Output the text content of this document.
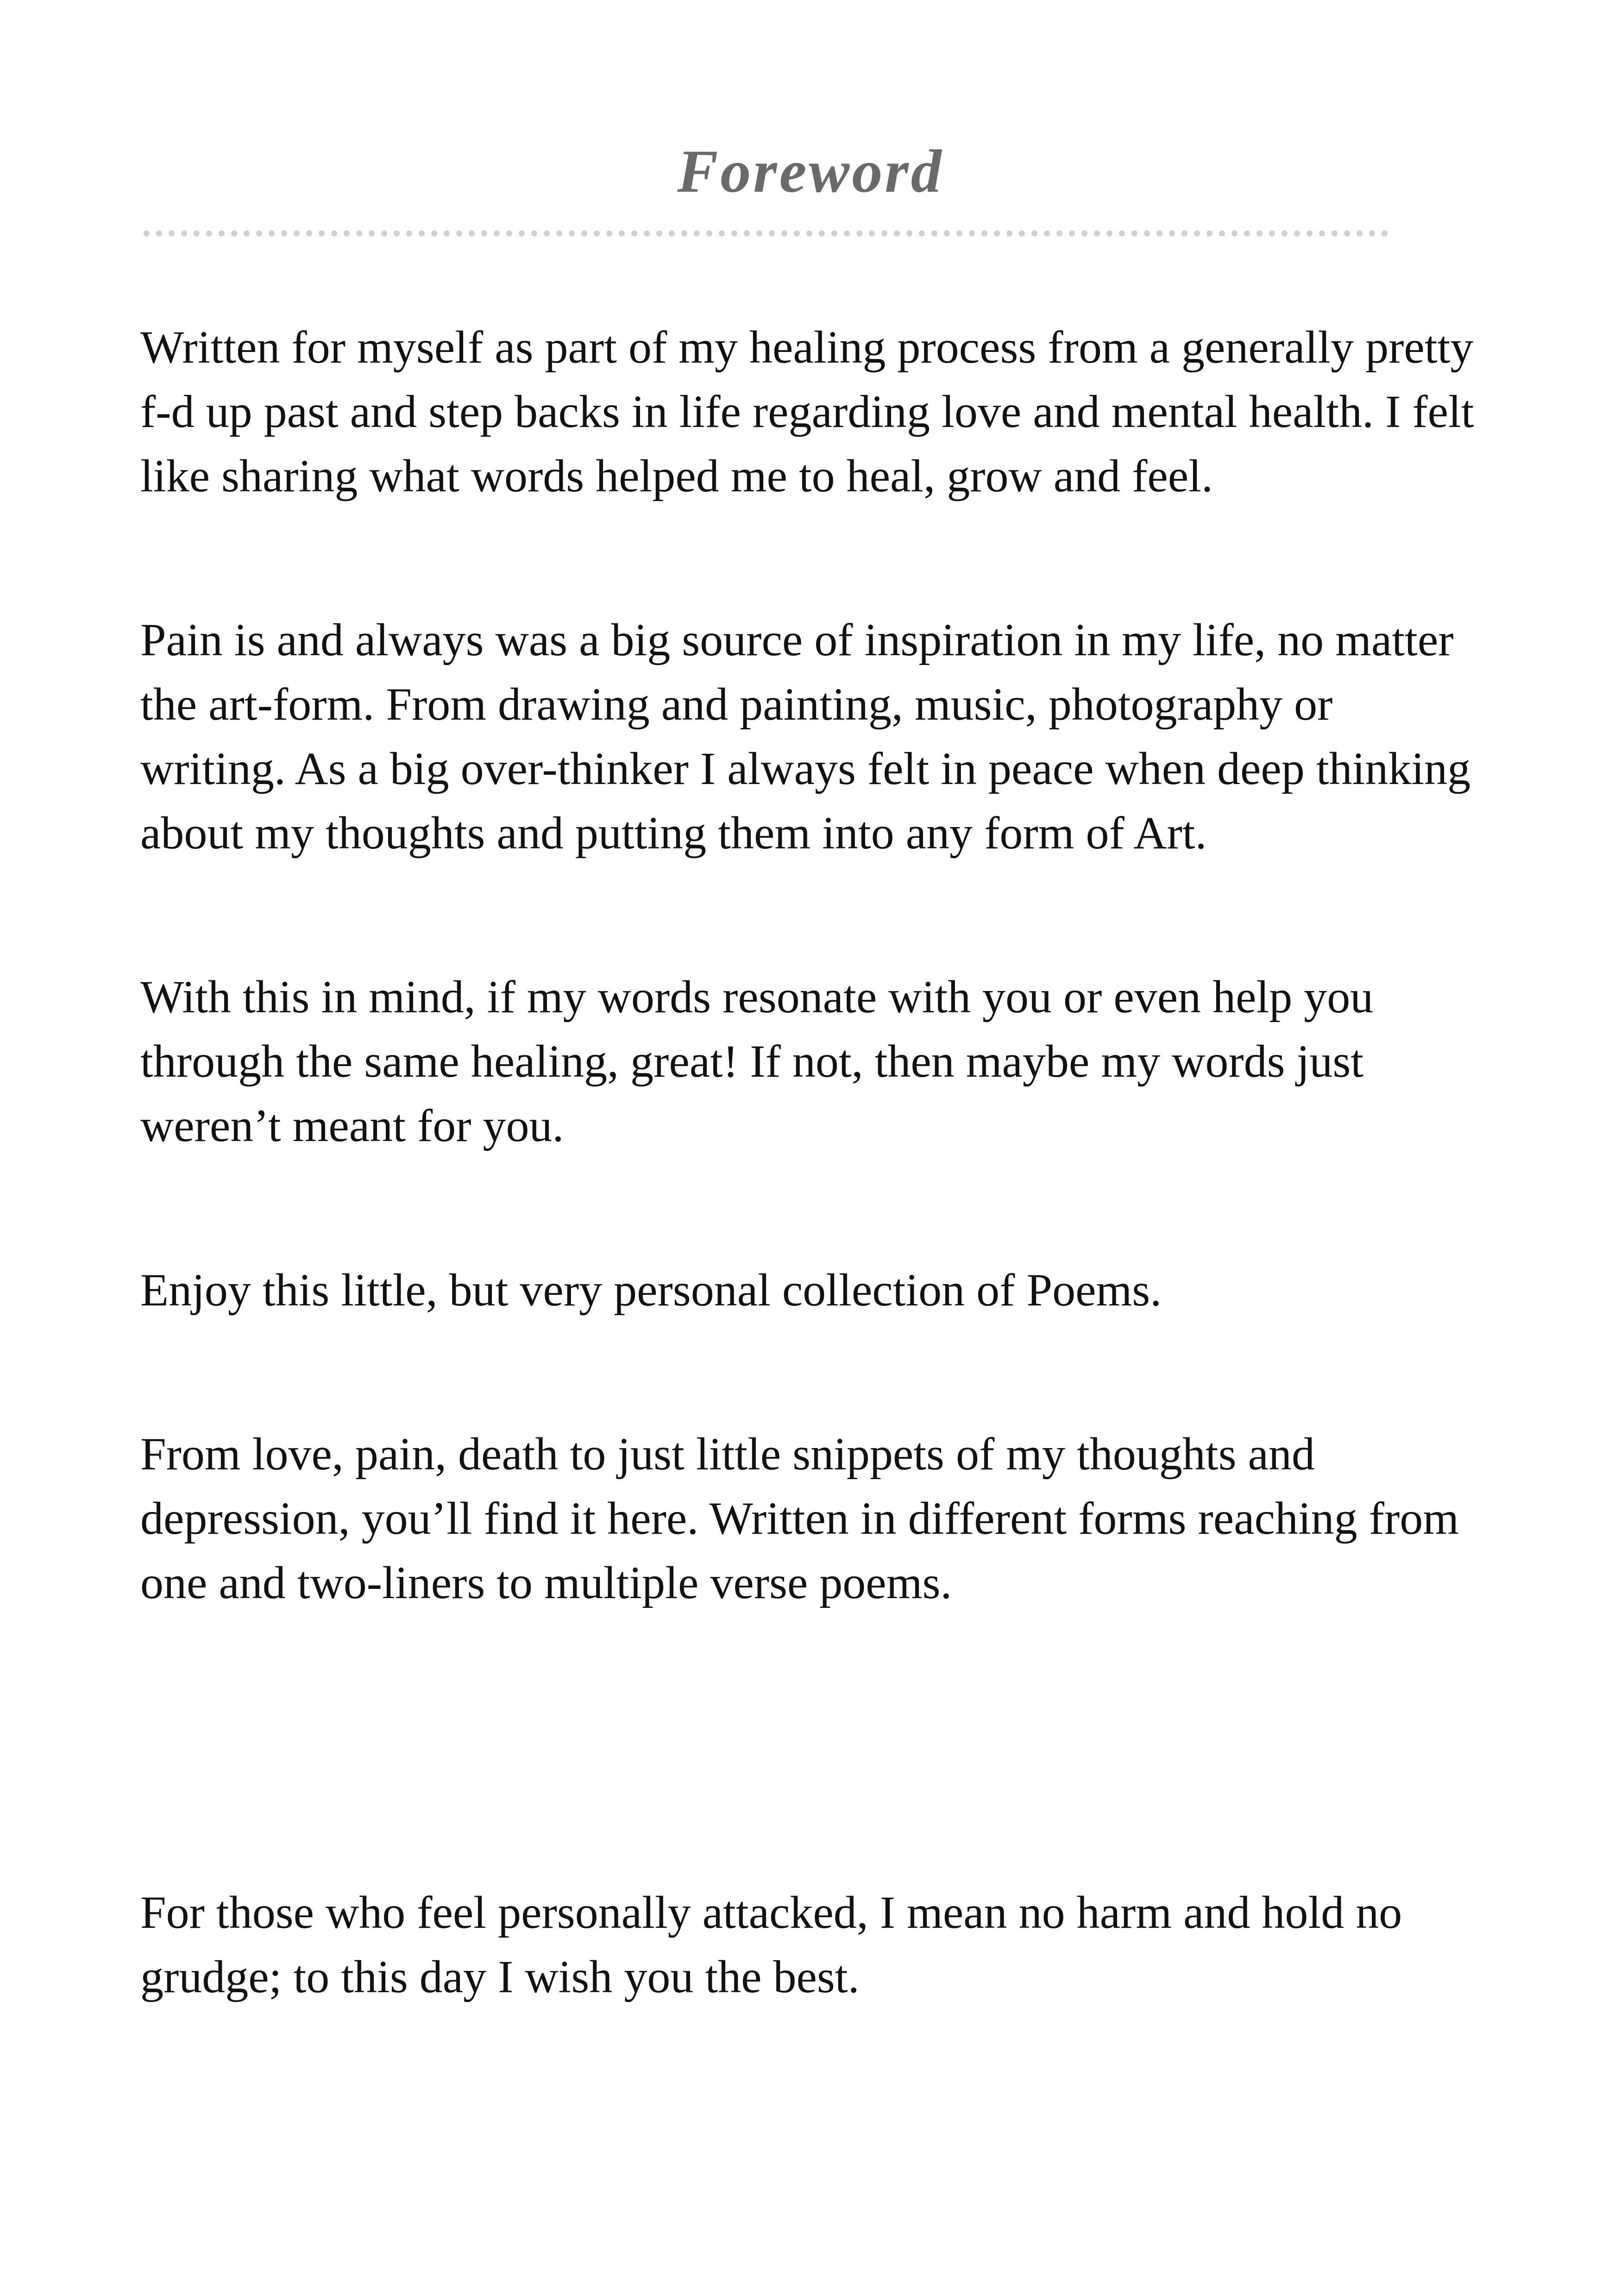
Foreword

Written for myself as part of my healing process from a generally pretty
f-d up past and step backs in life regarding love and mental health. I felt
like sharing what words helped me to heal, grow and feel.

Pain is and always was a big source of inspiration in my life, no matter
the art-form. From drawing and painting, music, photography or
writing. As a big over-thinker I always felt in peace when deep thinking
about my thoughts and putting them into any form of Art.

With this in mind, if my words resonate with you or even help you
through the same healing, great! If not, then maybe my words just
weren’t meant for you.

Enjoy this little, but very personal collection of Poems.

From love, pain, death to just little snippets of my thoughts and
depression, you’ll find it here. Written in different forms reaching from
one and two-liners to multiple verse poems.

For those who feel personally attacked, I mean no harm and hold no
grudge; to this day I wish you the best.
